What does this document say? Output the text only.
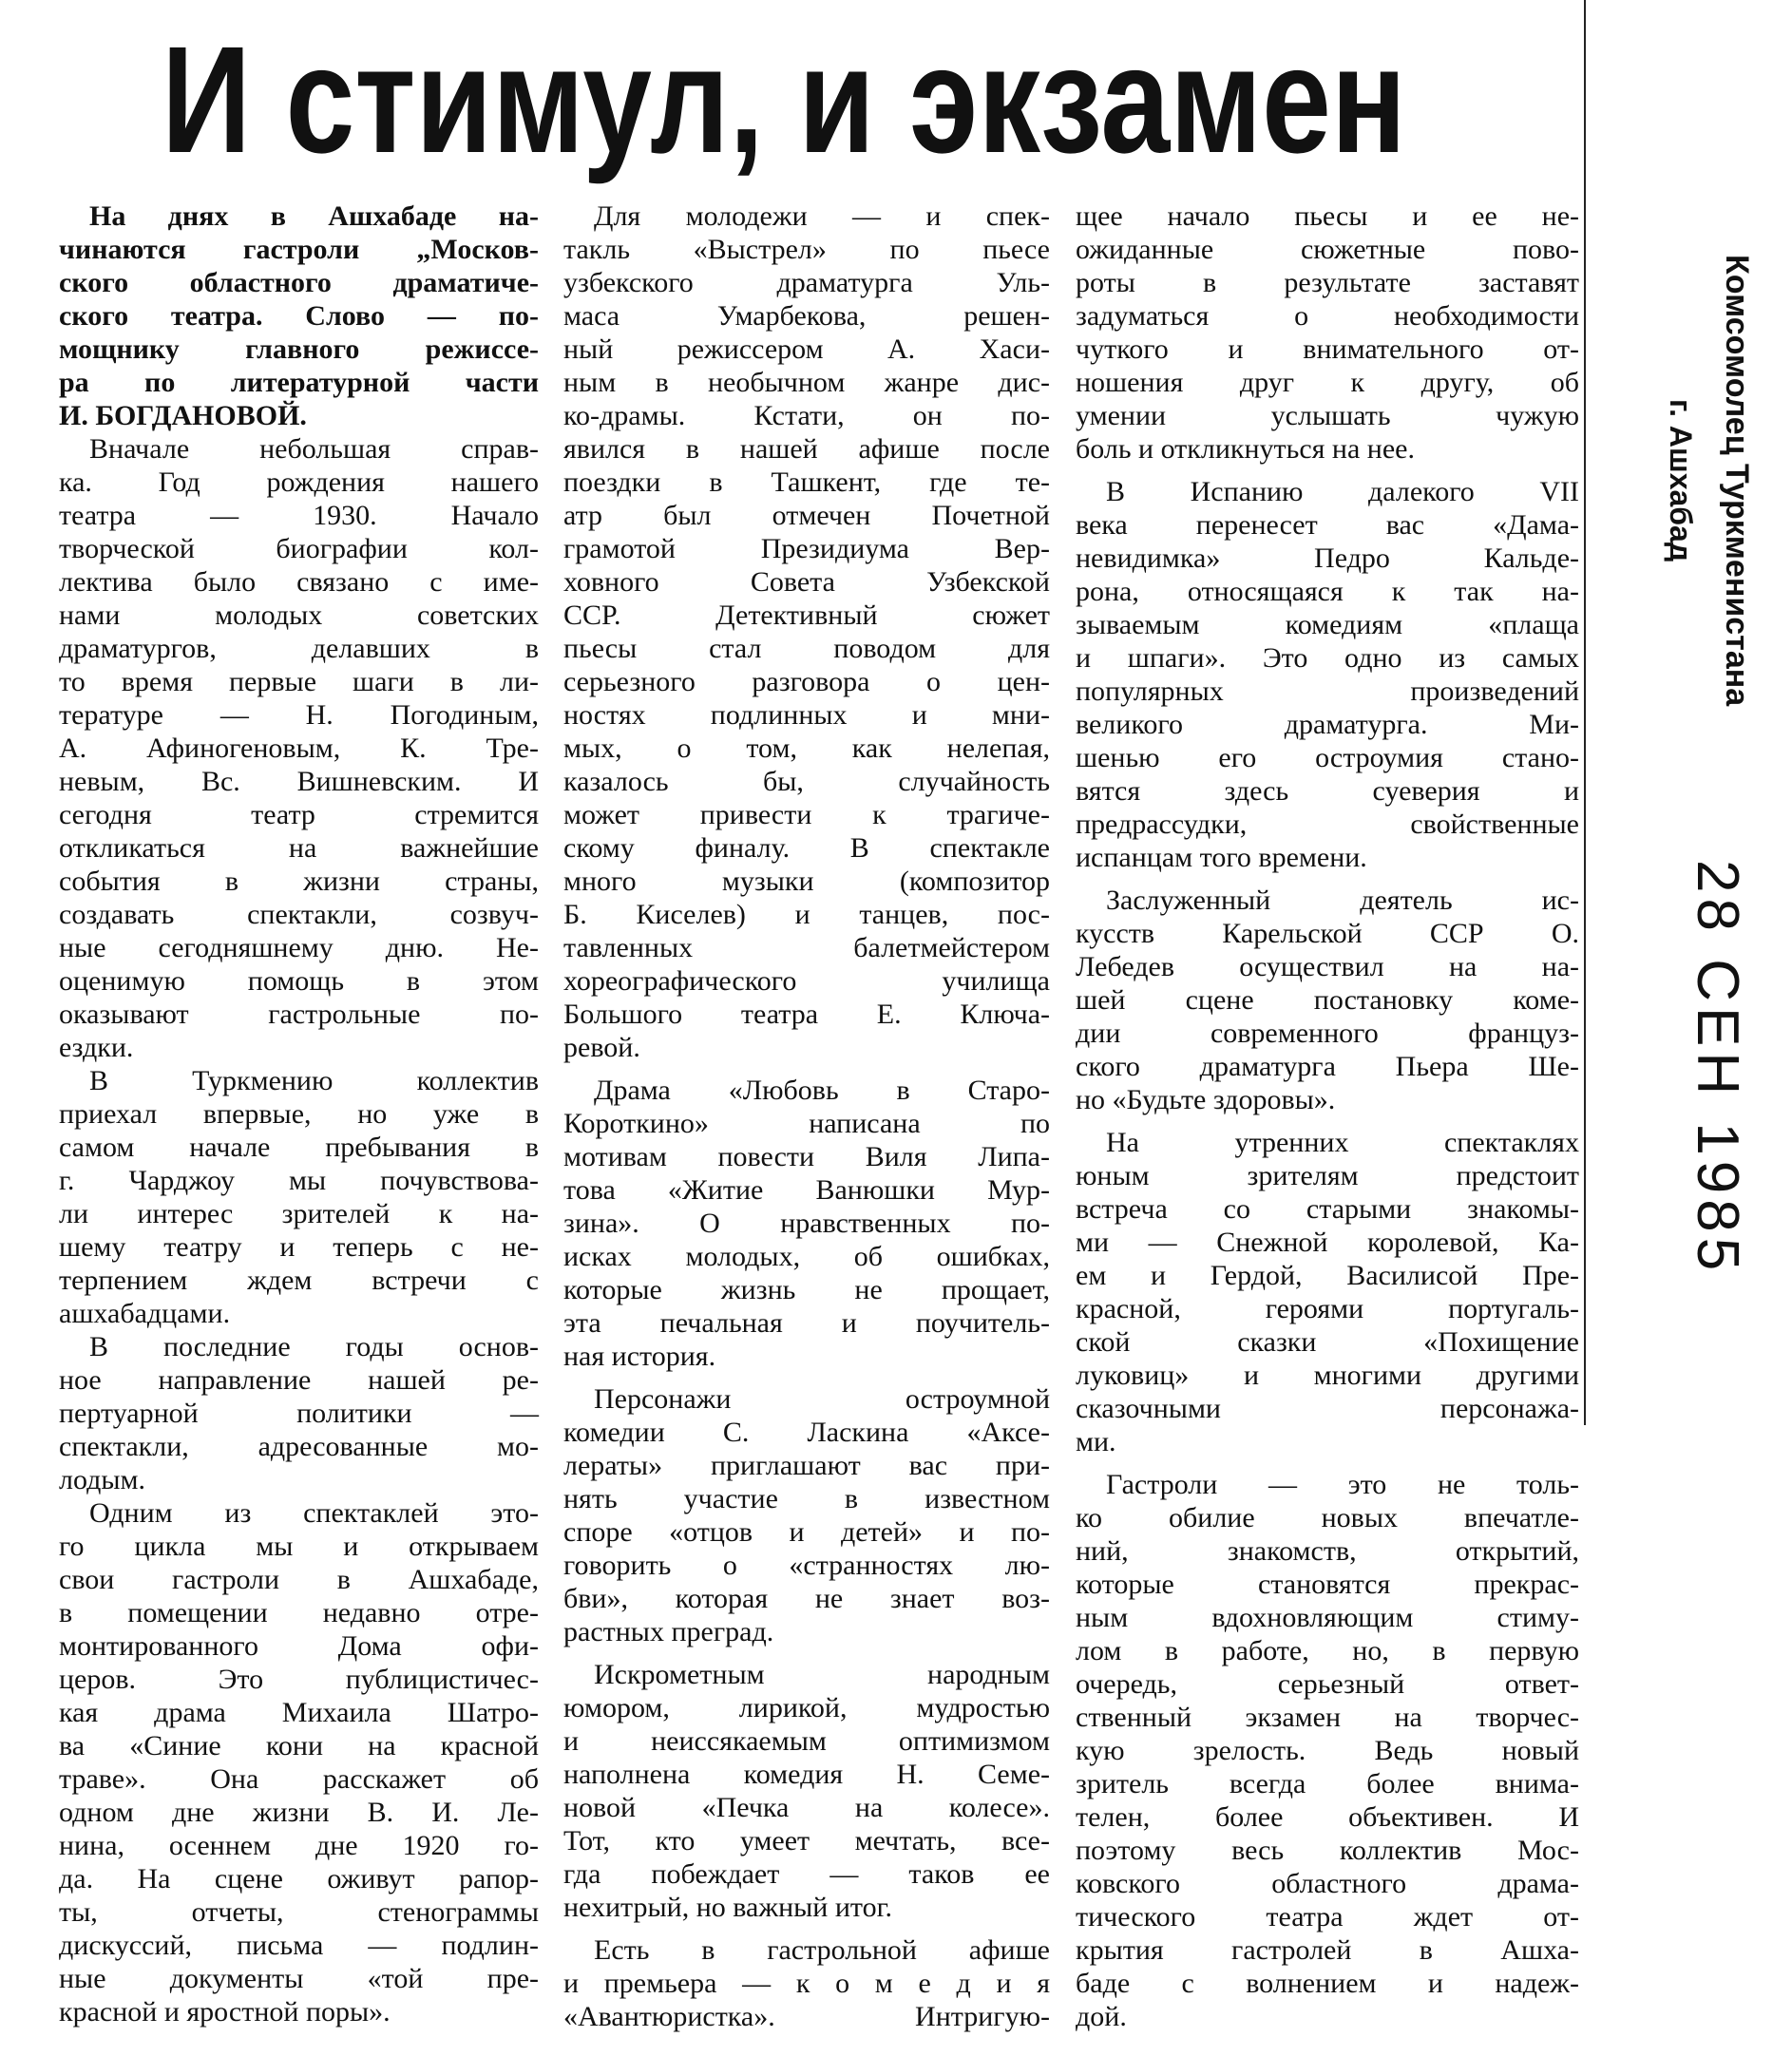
И стимул, и экзамен
На днях в Ашхабаде на-
чинаются гастроли „Москов-
ского областного драматиче-
ского театра. Слово — по-
мощнику главного режиссе-
ра по литературной части
И. БОГДАНОВОЙ.
Вначале небольшая справ-
ка. Год рождения нашего
театра — 1930. Начало
творческой биографии кол-
лектива было связано с име-
нами молодых советских
драматургов, делавших в
то время первые шаги в ли-
тературе — Н. Погодиным,
А. Афиногеновым, К. Тре-
невым, Вс. Вишневским. И
сегодня театр стремится
откликаться на важнейшие
события в жизни страны,
создавать спектакли, созвуч-
ные сегодняшнему дню. Не-
оценимую помощь в этом
оказывают гастрольные по-
ездки.
В Туркмению коллектив
приехал впервые, но уже в
самом начале пребывания в
г. Чарджоу мы почувствова-
ли интерес зрителей к на-
шему театру и теперь с не-
терпением ждем встречи с
ашхабадцами.
В последние годы основ-
ное направление нашей ре-
пертуарной политики —
спектакли, адресованные мо-
лодым.
Одним из спектаклей это-
го цикла мы и открываем
свои гастроли в Ашхабаде,
в помещении недавно отре-
монтированного Дома офи-
церов. Это публицистичес-
кая драма Михаила Шатро-
ва «Синие кони на красной
траве». Она расскажет об
одном дне жизни В. И. Ле-
нина, осеннем дне 1920 го-
да. На сцене оживут рапор-
ты, отчеты, стенограммы
дискуссий, письма — подлин-
ные документы «той пре-
красной и яростной поры».
Для молодежи — и спек-
такль «Выстрел» по пьесе
узбекского драматурга Уль-
маса Умарбекова, решен-
ный режиссером А. Хаси-
ным в необычном жанре дис-
ко-драмы. Кстати, он по-
явился в нашей афише после
поездки в Ташкент, где те-
атр был отмечен Почетной
грамотой Президиума Вер-
ховного Совета Узбекской
ССР. Детективный сюжет
пьесы стал поводом для
серьезного разговора о цен-
ностях подлинных и мни-
мых, о том, как нелепая,
казалось бы, случайность
может привести к трагиче-
скому финалу. В спектакле
много музыки (композитор
Б. Киселев) и танцев, пос-
тавленных балетмейстером
хореографического училища
Большого театра Е. Ключа-
ревой.
Драма «Любовь в Старо-
Короткино» написана по
мотивам повести Виля Липа-
това «Житие Ванюшки Мур-
зина». О нравственных по-
исках молодых, об ошибках,
которые жизнь не прощает,
эта печальная и поучитель-
ная история.
Персонажи остроумной
комедии С. Ласкина «Аксе-
лераты» приглашают вас при-
нять участие в известном
споре «отцов и детей» и по-
говорить о «странностях лю-
бви», которая не знает воз-
растных преград.
Искрометным народным
юмором, лирикой, мудростью
и неиссякаемым оптимизмом
наполнена комедия Н. Семе-
новой «Печка на колесе».
Тот, кто умеет мечтать, все-
гда побеждает — таков ее
нехитрый, но важный итог.
Есть в гастрольной афише
и премьера — к о м е д и я
«Авантюристка». Интригую-
щее начало пьесы и ее не-
ожиданные сюжетные пово-
роты в результате заставят
задуматься о необходимости
чуткого и внимательного от-
ношения друг к другу, об
умении услышать чужую
боль и откликнуться на нее.
В Испанию далекого VII
века перенесет вас «Дама-
невидимка» Педро Кальде-
рона, относящаяся к так на-
зываемым комедиям «плаща
и шпаги». Это одно из самых
популярных произведений
великого драматурга. Ми-
шенью его остроумия стано-
вятся здесь суеверия и
предрассудки, свойственные
испанцам того времени.
Заслуженный деятель ис-
кусств Карельской ССР О.
Лебедев осуществил на на-
шей сцене постановку коме-
дии современного француз-
ского драматурга Пьера Ше-
но «Будьте здоровы».
На утренних спектаклях
юным зрителям предстоит
встреча со старыми знакомы-
ми — Снежной королевой, Ка-
ем и Гердой, Василисой Пре-
красной, героями португаль-
ской сказки «Похищение
луковиц» и многими другими
сказочными персонажа-
ми.
Гастроли — это не толь-
ко обилие новых впечатле-
ний, знакомств, открытий,
которые становятся прекрас-
ным вдохновляющим стиму-
лом в работе, но, в первую
очередь, серьезный ответ-
ственный экзамен на творчес-
кую зрелость. Ведь новый
зритель всегда более внима-
телен, более объективен. И
поэтому весь коллектив Мос-
ковского областного драма-
тического театра ждет от-
крытия гастролей в Ашха-
баде с волнением и надеж-
дой.
Комсомолец Туркменистана
г. Ашхабад
28 СЕН 1985
